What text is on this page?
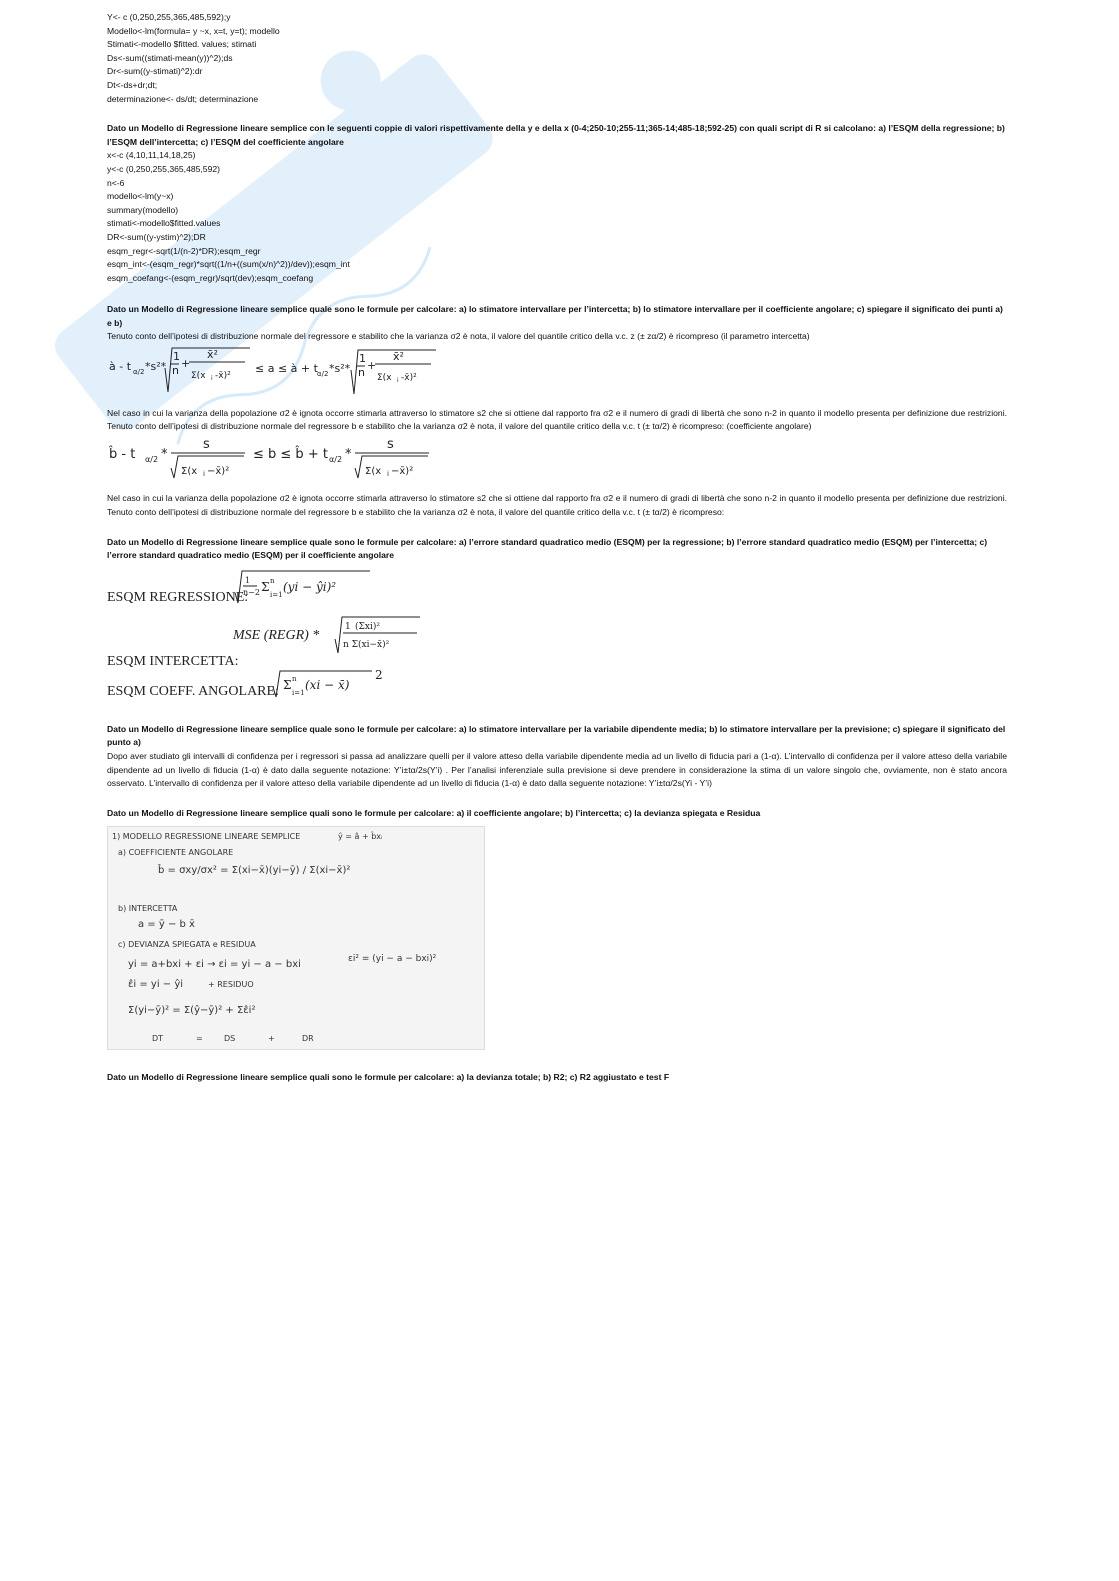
Y<- c (0,250,255,365,485,592);y
Modello<-lm(formula= y ~x, x=t, y=t); modello
Stimati<-modello $fitted. values; stimati
Ds<-sum((stimati-mean(y))^2);ds
Dr<-sum((y-stimati)^2):dr
Dt<-ds+dr;dt;
determinazione<- ds/dt; determinazione
Dato un Modello di Regressione lineare semplice con le seguenti coppie di valori rispettivamente della y e della x (0-4;250-10;255-11;365-14;485-18;592-25) con quali script di R si calcolano: a) l’ESQM della regressione; b) l’ESQM dell’intercetta; c) l’ESQM del coefficiente angolare
x<-c (4,10,11,14,18,25)
y<-c (0,250,255,365,485,592)
n<-6
modello<-lm(y~x)
summary(modello)
stimati<-modello$fitted.values
DR<-sum((y-ystim)^2);DR
esqm_regr<-sqrt(1/(n-2)*DR);esqm_regr
esqm_int<-(esqm_regr)*sqrt((1/n+((sum(x/n)^2))/dev));esqm_int
esqm_coefang<-(esqm_regr)/sqrt(dev);esqm_coefang
Dato un Modello di Regressione lineare semplice quale sono le formule per calcolare: a) lo stimatore intervallare per l’intercetta; b) lo stimatore intervallare per il coefficiente angolare; c) spiegare il significato dei punti a) e b)
Tenuto conto dell’ipotesi di distribuzione normale del regressore e stabilito che la varianza σ2 è nota, il valore del quantile critico della v.c. z (± zα/2) è ricompreso (il parametro intercetta)
à - t α/2 *s²*
1
n
+
x̄²
Σ(x i -x̄)²
≤ a ≤ à + t α/2 *s²*
1
n
+
x̄²
Σ(x i -x̄)²
Nel caso in cui la varianza della popolazione σ2 è ignota occorre stimarla attraverso lo stimatore s2 che si ottiene dal rapporto fra σ2 e il numero di gradi di libertà che sono n-2 in quanto il modello presenta per definizione due restrizioni. Tenuto conto dell’ipotesi di distribuzione normale del regressore b e stabilito che la varianza σ2 è nota, il valore del quantile critico della v.c. t (± tα/2) è ricompreso: (coefficiente angolare)
b̂ - t α/2 *
s
Σ(x i −x̄)²
≤ b ≤ b̂ + t α/2 *
s
Σ(x i −x̄)²
Nel caso in cui la varianza della popolazione σ2 è ignota occorre stimarla attraverso lo stimatore s2 che si ottiene dal rapporto fra σ2 e il numero di gradi di libertà che sono n-2 in quanto il modello presenta per definizione due restrizioni. Tenuto conto dell’ipotesi di distribuzione normale del regressore b e stabilito che la varianza σ2 è nota, il valore del quantile critico della v.c. t (± tα/2) è ricompreso:
Dato un Modello di Regressione lineare semplice quale sono le formule per calcolare: a) l’errore standard quadratico medio (ESQM) per la regressione; b) l’errore standard quadratico medio (ESQM) per l’intercetta; c) l’errore standard quadratico medio (ESQM) per il coefficiente angolare
ESQM REGRESSIONE:
1
n−2 Σ n
i=1
(yi − ŷi)²
MSE (REGR) *
1 (Σxi)²
n Σ(xi−x̄)²
ESQM INTERCETTA:
ESQM COEFF. ANGOLARE: Σ n
i=1
(xi − x̄)
2
Dato un Modello di Regressione lineare semplice quale sono le formule per calcolare: a) lo stimatore intervallare per la variabile dipendente media; b) lo stimatore intervallare per la previsione; c) spiegare il significato del punto a)
Dopo aver studiato gli intervalli di confidenza per i regressori si passa ad analizzare quelli per il valore atteso della variabile dipendente media ad un livello di fiducia pari a (1-α). L’intervallo di confidenza per il valore atteso della variabile dipendente ad un livello di fiducia (1-α) è dato dalla seguente notazione: Y’i±tα/2s(Y’i) . Per l’analisi inferenziale sulla previsione si deve prendere in considerazione la stima di un valore singolo che, ovviamente, non è stato ancora osservato. L’intervallo di confidenza per il valore atteso della variabile dipendente ad un livello di fiducia (1-α) è dato dalla seguente notazione: Y’i±tα/2s(Yi - Y’i)
Dato un Modello di Regressione lineare semplice quali sono le formule per calcolare: a) il coefficiente angolare; b) l’intercetta; c) la devianza spiegata e Residua
1) MODELLO REGRESSIONE LINEARE SEMPLICE	ŷ = â + b̂xᵢ
a) COEFFICIENTE ANGOLARE
b̂ = σxy/σx² = Σ(xi−x̄)(yi−ȳ) / Σ(xi−x̄)²
b) INTERCETTA
a = ȳ − b x̄
c) DEVIANZA SPIEGATA e RESIDUA
yi = a+bxi + εi → εi = yi − a − bxi	εi² = (yi − a − bxi)²
ε̂i = yi − ŷi	+ RESIDUO
Σ(yi−ȳ)² = Σ(ŷ−ȳ)² + Σε̂i²
DT	DS	DR
=	+
Dato un Modello di Regressione lineare semplice quali sono le formule per calcolare: a) la devianza totale; b) R2; c) R2 aggiustato e test F
